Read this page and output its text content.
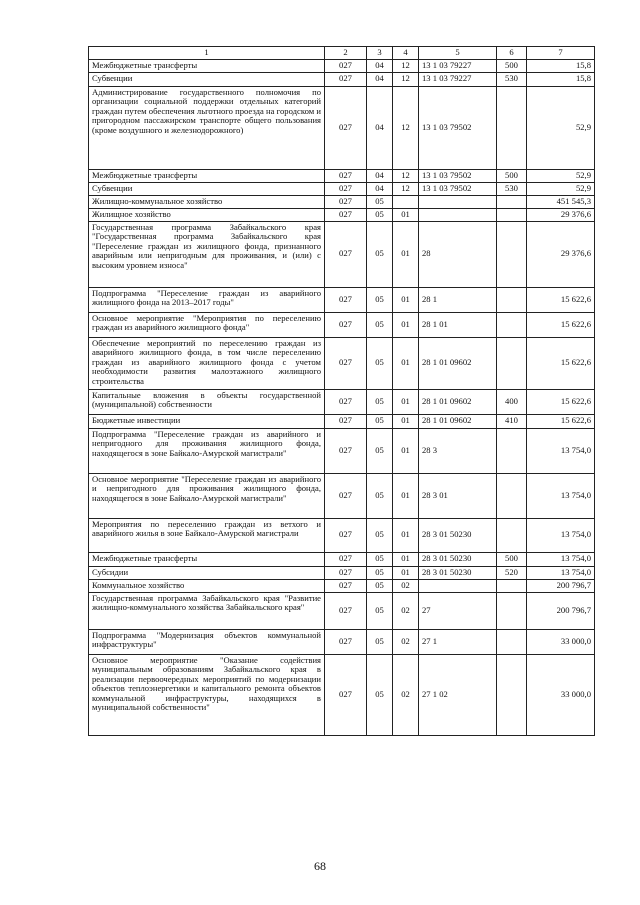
1	2	3	4	5	6	7
Межбюджетные трансферты	027	04	12	13 1 03 79227	500	15,8
Субвенции	027	04	12	13 1 03 79227	530	15,8
Администрирование государственного полномочия по организации социальной поддержки отдельных категорий граждан путем обеспечения льготного проезда на городском и пригородном пассажирском транспорте общего пользования (кроме воздушного и железнодорожного)	027	04	12	13 1 03 79502		52,9
Межбюджетные трансферты	027	04	12	13 1 03 79502	500	52,9
Субвенции	027	04	12	13 1 03 79502	530	52,9
Жилищно-коммунальное хозяйство	027	05				451 545,3
Жилищное хозяйство	027	05	01			29 376,6
Государственная программа Забайкальского края "Государственная программа Забайкальского края "Переселение граждан из жилищного фонда, признанного аварийным или непригодным для проживания, и (или) с высоким уровнем износа"	027	05	01	28		29 376,6
Подпрограмма "Переселение граждан из аварийного жилищного фонда на 2013–2017 годы"	027	05	01	28 1		15 622,6
Основное мероприятие "Мероприятия по переселению граждан из аварийного жилищного фонда"	027	05	01	28 1 01		15 622,6
Обеспечение мероприятий по переселению граждан из аварийного жилищного фонда, в том числе переселению граждан из аварийного жилищного фонда с учетом необходимости развития малоэтажного жилищного строительства	027	05	01	28 1 01 09602		15 622,6
Капитальные вложения в объекты государственной (муниципальной) собственности	027	05	01	28 1 01 09602	400	15 622,6
Бюджетные инвестиции	027	05	01	28 1 01 09602	410	15 622,6
Подпрограмма "Переселение граждан из аварийного и непригодного для проживания жилищного фонда, находящегося в зоне Байкало-Амурской магистрали"	027	05	01	28 3		13 754,0
Основное мероприятие "Переселение граждан из аварийного и непригодного для проживания жилищного фонда, находящегося в зоне Байкало-Амурской магистрали"	027	05	01	28 3 01		13 754,0
Мероприятия по переселению граждан из ветхого и аварийного жилья в зоне Байкало-Амурской магистрали	027	05	01	28 3 01 50230		13 754,0
Межбюджетные трансферты	027	05	01	28 3 01 50230	500	13 754,0
Субсидии	027	05	01	28 3 01 50230	520	13 754,0
Коммунальное хозяйство	027	05	02			200 796,7
Государственная программа Забайкальского края "Развитие жилищно-коммунального хозяйства Забайкальского края"	027	05	02	27		200 796,7
Подпрограмма "Модернизация объектов коммунальной инфраструктуры"	027	05	02	27 1		33 000,0
Основное мероприятие "Оказание содействия муниципальным образованиям Забайкальского края в реализации первоочередных мероприятий по модернизации объектов теплоэнергетики и капитального ремонта объектов коммунальной инфраструктуры, находящихся в муниципальной собственности"	027	05	02	27 1 02		33 000,0
68
